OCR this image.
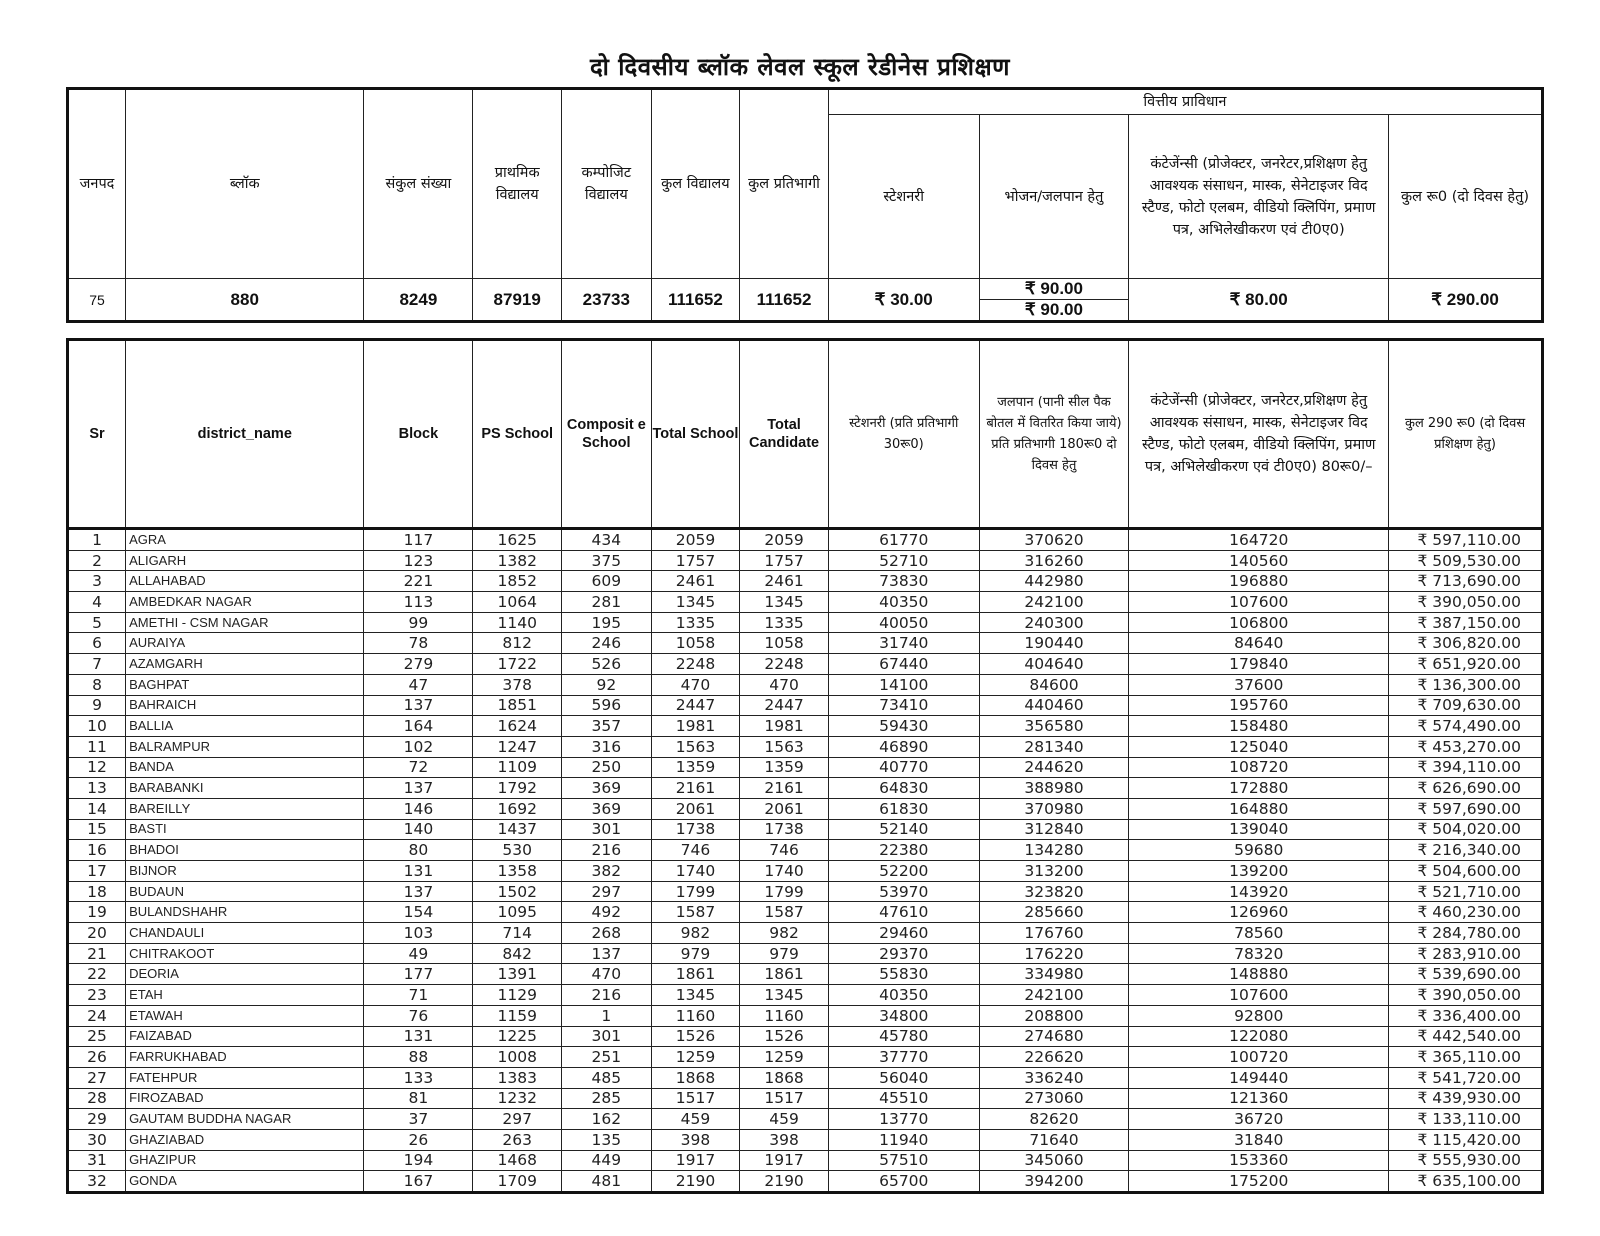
दो दिवसीय ब्लॉक लेवल स्कूल रेडीनेस प्रशिक्षण
जनपद	ब्लॉक	संकुल संख्या	प्राथमिक विद्यालय	कम्पोजिट विद्यालय	कुल विद्यालय	कुल प्रतिभागी	वित्तीय प्राविधान			
							स्टेशनरी	भोजन/जलपान हेतु	कंटेजेंन्सी (प्रोजेक्टर, जनरेटर,प्रशिक्षण हेतु आवश्यक संसाधन, मास्क, सेनेटाइजर विद स्टैण्ड, फोटो एलबम, वीडियो क्लिपिंग, प्रमाण पत्र, अभिलेखीकरण एवं टी0ए0)	कुल रू0 (दो दिवस हेतु)
75	880	8249	87919	23733	111652	111652	₹ 30.00	₹ 90.00	₹ 80.00	₹ 290.00
								₹ 90.00		
Sr	district_name	Block	PS School	Composit e School	Total School	Total Candidate	स्टेशनरी (प्रति प्रतिभागी 30रू0)	जलपान (पानी सील पैक बोतल में वितरित किया जाये) प्रति प्रतिभागी 180रू0 दो दिवस हेतु	कंटेजेंन्सी (प्रोजेक्टर, जनरेटर,प्रशिक्षण हेतु आवश्यक संसाधन, मास्क, सेनेटाइजर विद स्टैण्ड, फोटो एलबम, वीडियो क्लिपिंग, प्रमाण पत्र, अभिलेखीकरण एवं टी0ए0) 80रू0/–	कुल 290 रू0 (दो दिवस प्रशिक्षण हेतु)
1	AGRA	117	1625	434	2059	2059	61770	370620	164720	₹ 597,110.00
2	ALIGARH	123	1382	375	1757	1757	52710	316260	140560	₹ 509,530.00
3	ALLAHABAD	221	1852	609	2461	2461	73830	442980	196880	₹ 713,690.00
4	AMBEDKAR NAGAR	113	1064	281	1345	1345	40350	242100	107600	₹ 390,050.00
5	AMETHI - CSM NAGAR	99	1140	195	1335	1335	40050	240300	106800	₹ 387,150.00
6	AURAIYA	78	812	246	1058	1058	31740	190440	84640	₹ 306,820.00
7	AZAMGARH	279	1722	526	2248	2248	67440	404640	179840	₹ 651,920.00
8	BAGHPAT	47	378	92	470	470	14100	84600	37600	₹ 136,300.00
9	BAHRAICH	137	1851	596	2447	2447	73410	440460	195760	₹ 709,630.00
10	BALLIA	164	1624	357	1981	1981	59430	356580	158480	₹ 574,490.00
11	BALRAMPUR	102	1247	316	1563	1563	46890	281340	125040	₹ 453,270.00
12	BANDA	72	1109	250	1359	1359	40770	244620	108720	₹ 394,110.00
13	BARABANKI	137	1792	369	2161	2161	64830	388980	172880	₹ 626,690.00
14	BAREILLY	146	1692	369	2061	2061	61830	370980	164880	₹ 597,690.00
15	BASTI	140	1437	301	1738	1738	52140	312840	139040	₹ 504,020.00
16	BHADOI	80	530	216	746	746	22380	134280	59680	₹ 216,340.00
17	BIJNOR	131	1358	382	1740	1740	52200	313200	139200	₹ 504,600.00
18	BUDAUN	137	1502	297	1799	1799	53970	323820	143920	₹ 521,710.00
19	BULANDSHAHR	154	1095	492	1587	1587	47610	285660	126960	₹ 460,230.00
20	CHANDAULI	103	714	268	982	982	29460	176760	78560	₹ 284,780.00
21	CHITRAKOOT	49	842	137	979	979	29370	176220	78320	₹ 283,910.00
22	DEORIA	177	1391	470	1861	1861	55830	334980	148880	₹ 539,690.00
23	ETAH	71	1129	216	1345	1345	40350	242100	107600	₹ 390,050.00
24	ETAWAH	76	1159	1	1160	1160	34800	208800	92800	₹ 336,400.00
25	FAIZABAD	131	1225	301	1526	1526	45780	274680	122080	₹ 442,540.00
26	FARRUKHABAD	88	1008	251	1259	1259	37770	226620	100720	₹ 365,110.00
27	FATEHPUR	133	1383	485	1868	1868	56040	336240	149440	₹ 541,720.00
28	FIROZABAD	81	1232	285	1517	1517	45510	273060	121360	₹ 439,930.00
29	GAUTAM BUDDHA NAGAR	37	297	162	459	459	13770	82620	36720	₹ 133,110.00
30	GHAZIABAD	26	263	135	398	398	11940	71640	31840	₹ 115,420.00
31	GHAZIPUR	194	1468	449	1917	1917	57510	345060	153360	₹ 555,930.00
32	GONDA	167	1709	481	2190	2190	65700	394200	175200	₹ 635,100.00
